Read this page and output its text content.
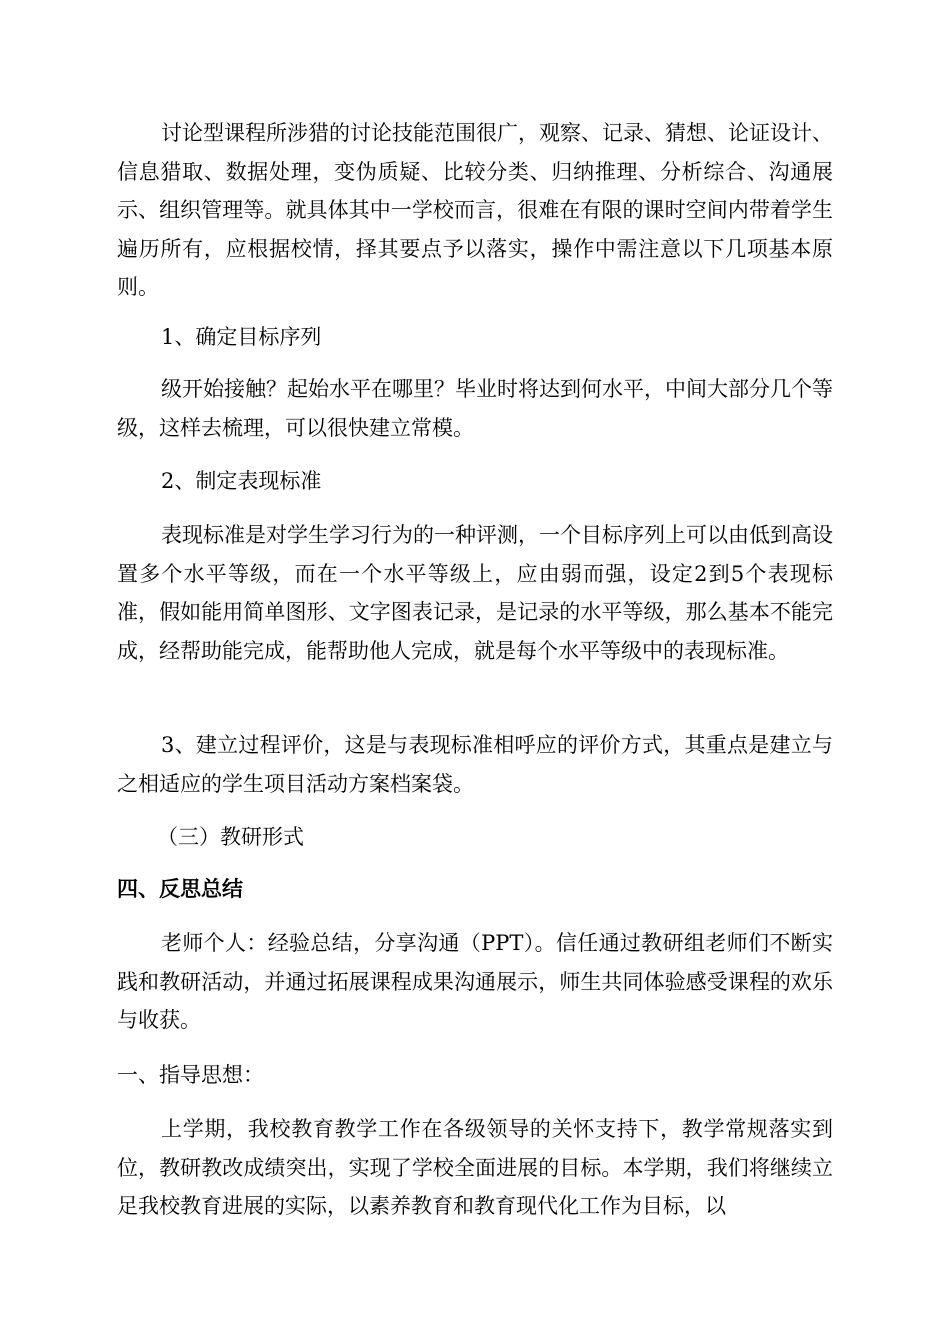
讨论型课程所涉猎的讨论技能范围很广，观察、记录、猜想、论证设计、信息猎取、数据处理，变伪质疑、比较分类、归纳推理、分析综合、沟通展示、组织管理等。就具体其中一学校而言，很难在有限的课时空间内带着学生遍历所有，应根据校情，择其要点予以落实，操作中需注意以下几项基本原则。

1、确定目标序列

级开始接触？起始水平在哪里？毕业时将达到何水平，中间大部分几个等级，这样去梳理，可以很快建立常模。

2、制定表现标准

表现标准是对学生学习行为的一种评测，一个目标序列上可以由低到高设置多个水平等级，而在一个水平等级上，应由弱而强，设定2到5个表现标准，假如能用简单图形、文字图表记录，是记录的水平等级，那么基本不能完成，经帮助能完成，能帮助他人完成，就是每个水平等级中的表现标准。

3、建立过程评价，这是与表现标准相呼应的评价方式，其重点是建立与之相适应的学生项目活动方案档案袋。

（三）教研形式

四、反思总结

老师个人：经验总结，分享沟通（PPT）。信任通过教研组老师们不断实践和教研活动，并通过拓展课程成果沟通展示，师生共同体验感受课程的欢乐与收获。

一、指导思想：

上学期，我校教育教学工作在各级领导的关怀支持下，教学常规落实到位，教研教改成绩突出，实现了学校全面进展的目标。本学期，我们将继续立足我校教育进展的实际，以素养教育和教育现代化工作为目标，以
